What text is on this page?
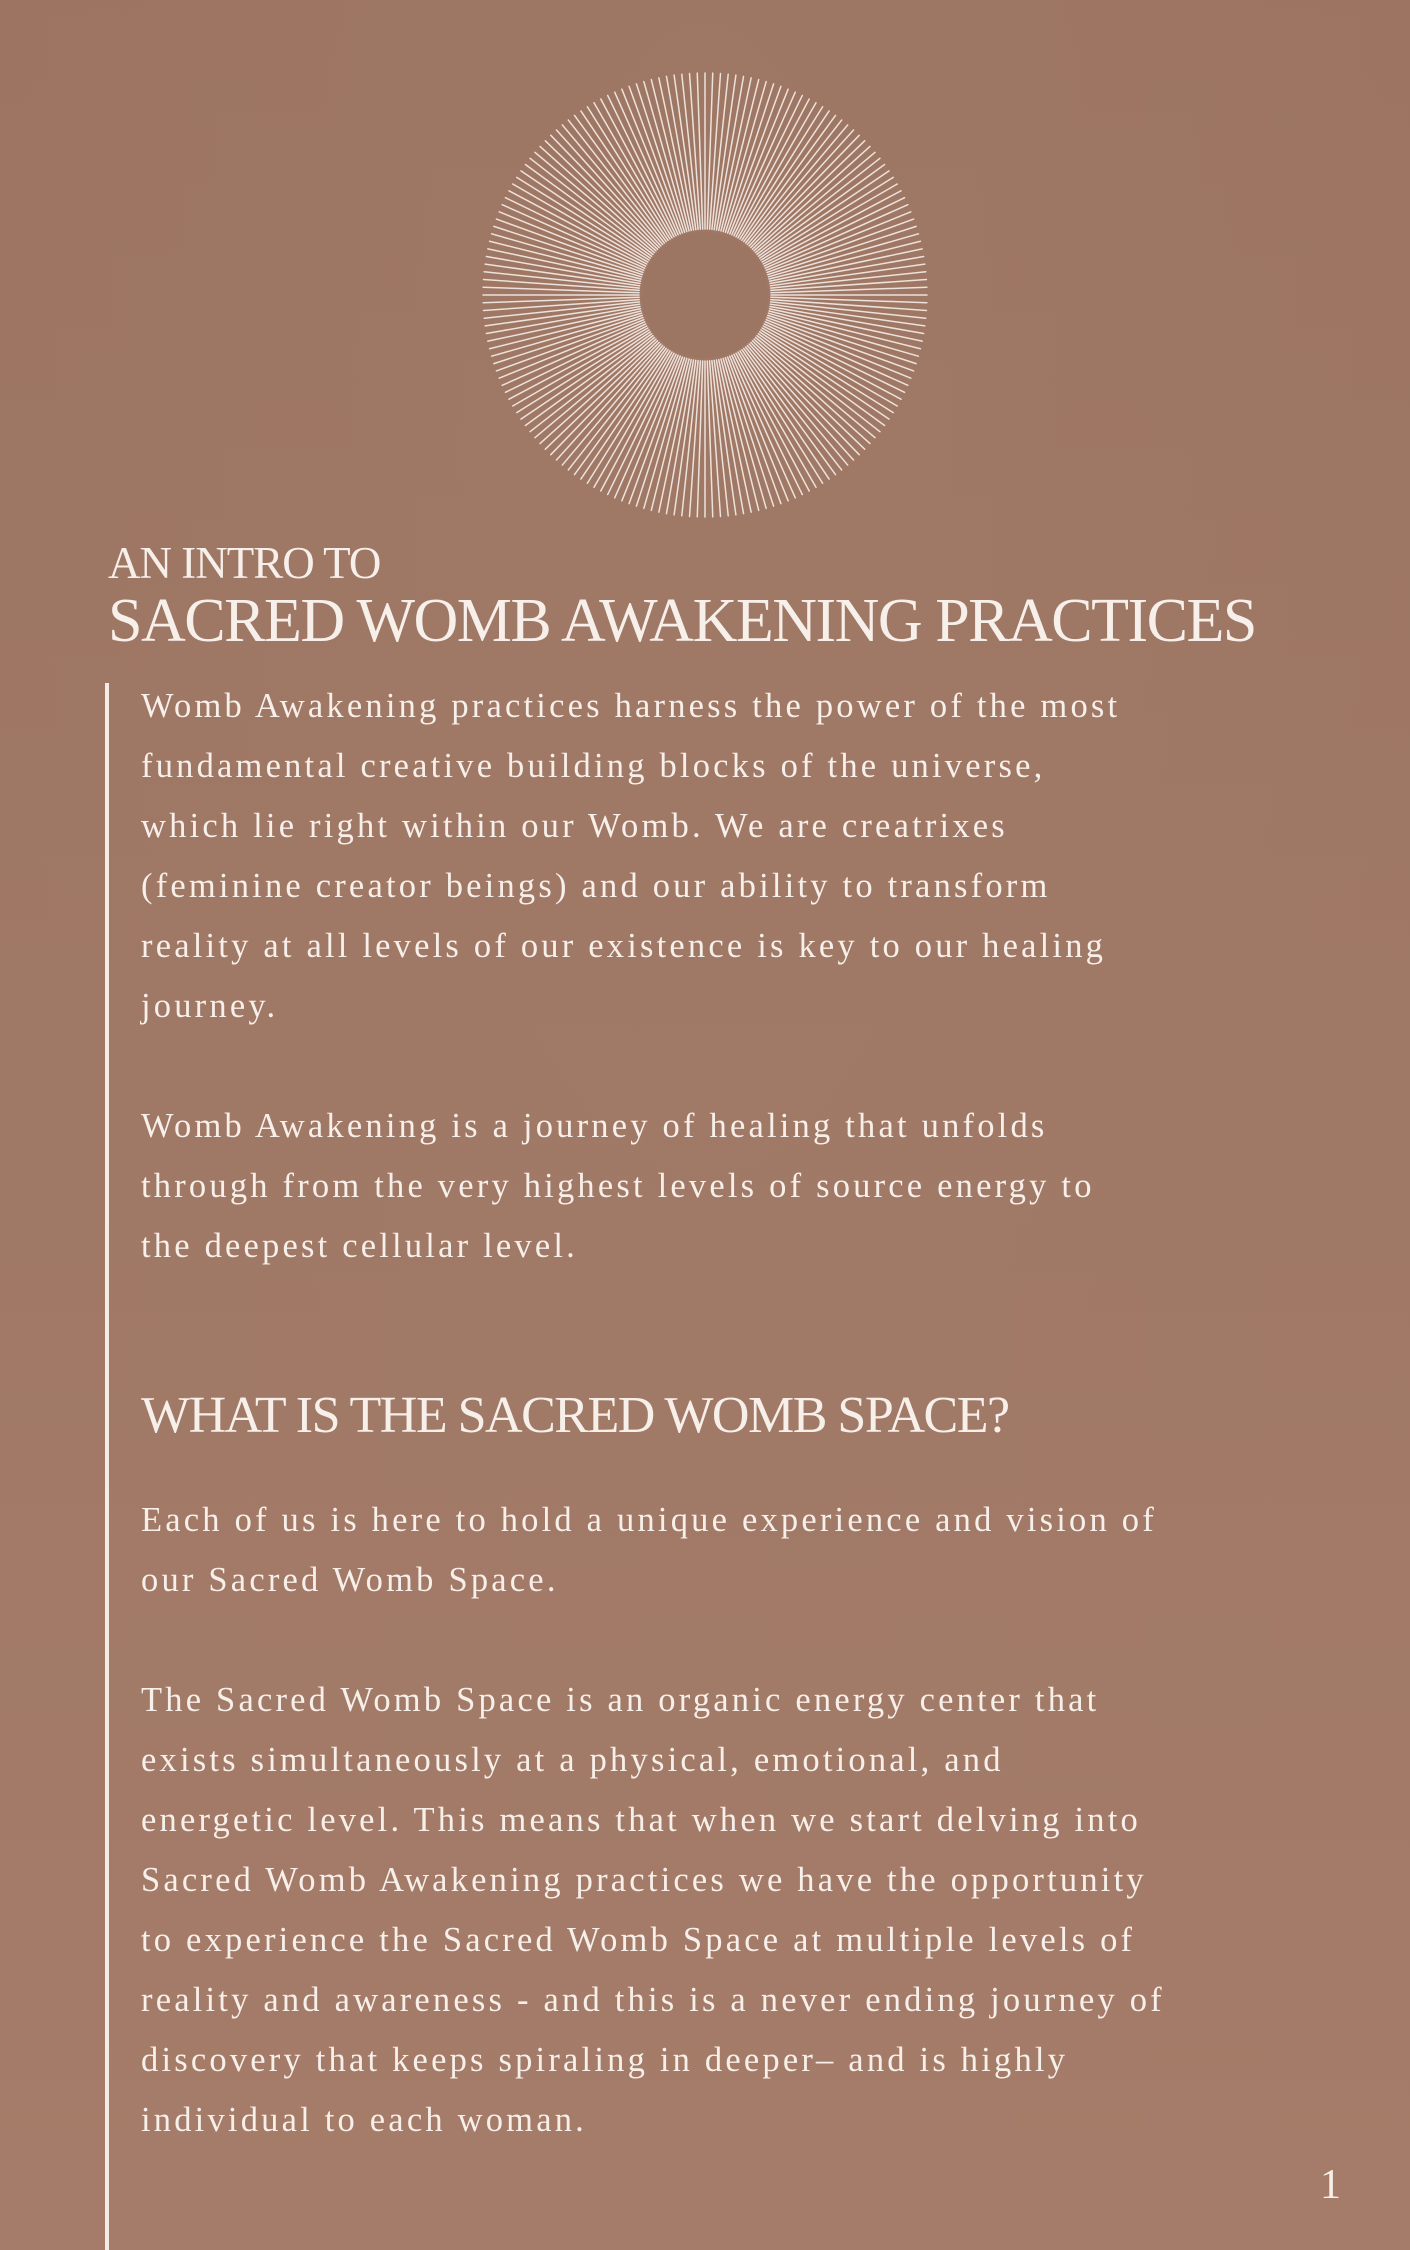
AN INTRO TO
SACRED WOMB AWAKENING PRACTICES

Womb Awakening practices harness the power of the most
fundamental creative building blocks of the universe,
which lie right within our Womb. We are creatrixes
(feminine creator beings) and our ability to transform
reality at all levels of our existence is key to our healing
journey.

Womb Awakening is a journey of healing that unfolds
through from the very highest levels of source energy to
the deepest cellular level.

WHAT IS THE SACRED WOMB SPACE?

Each of us is here to hold a unique experience and vision of
our Sacred Womb Space.

The Sacred Womb Space is an organic energy center that
exists simultaneously at a physical, emotional, and
energetic level. This means that when we start delving into
Sacred Womb Awakening practices we have the opportunity
to experience the Sacred Womb Space at multiple levels of
reality and awareness - and this is a never ending journey of
discovery that keeps spiraling in deeper– and is highly
individual to each woman.

1
